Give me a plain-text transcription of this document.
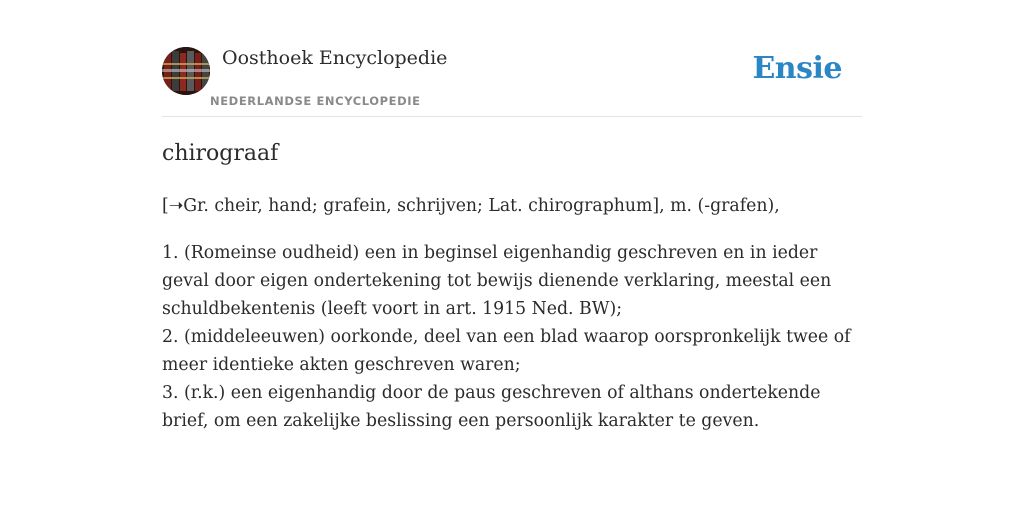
Oosthoek Encyclopedie
NEDERLANDSE ENCYCLOPEDIE
Ensie
chirograaf

[➝Gr. cheir, hand; grafein, schrijven; Lat. chirographum], m. (-grafen),

1. (Romeinse oudheid) een in beginsel eigenhandig geschreven en in ieder geval door eigen ondertekening tot bewijs dienende verklaring, meestal een schuldbekentenis (leeft voort in art. 1915 Ned. BW);
2. (middeleeuwen) oorkonde, deel van een blad waarop oorspronkelijk twee of meer identieke akten geschreven waren;
3. (r.k.) een eigenhandig door de paus geschreven of althans ondertekende brief, om een zakelijke beslissing een persoonlijk karakter te geven.
